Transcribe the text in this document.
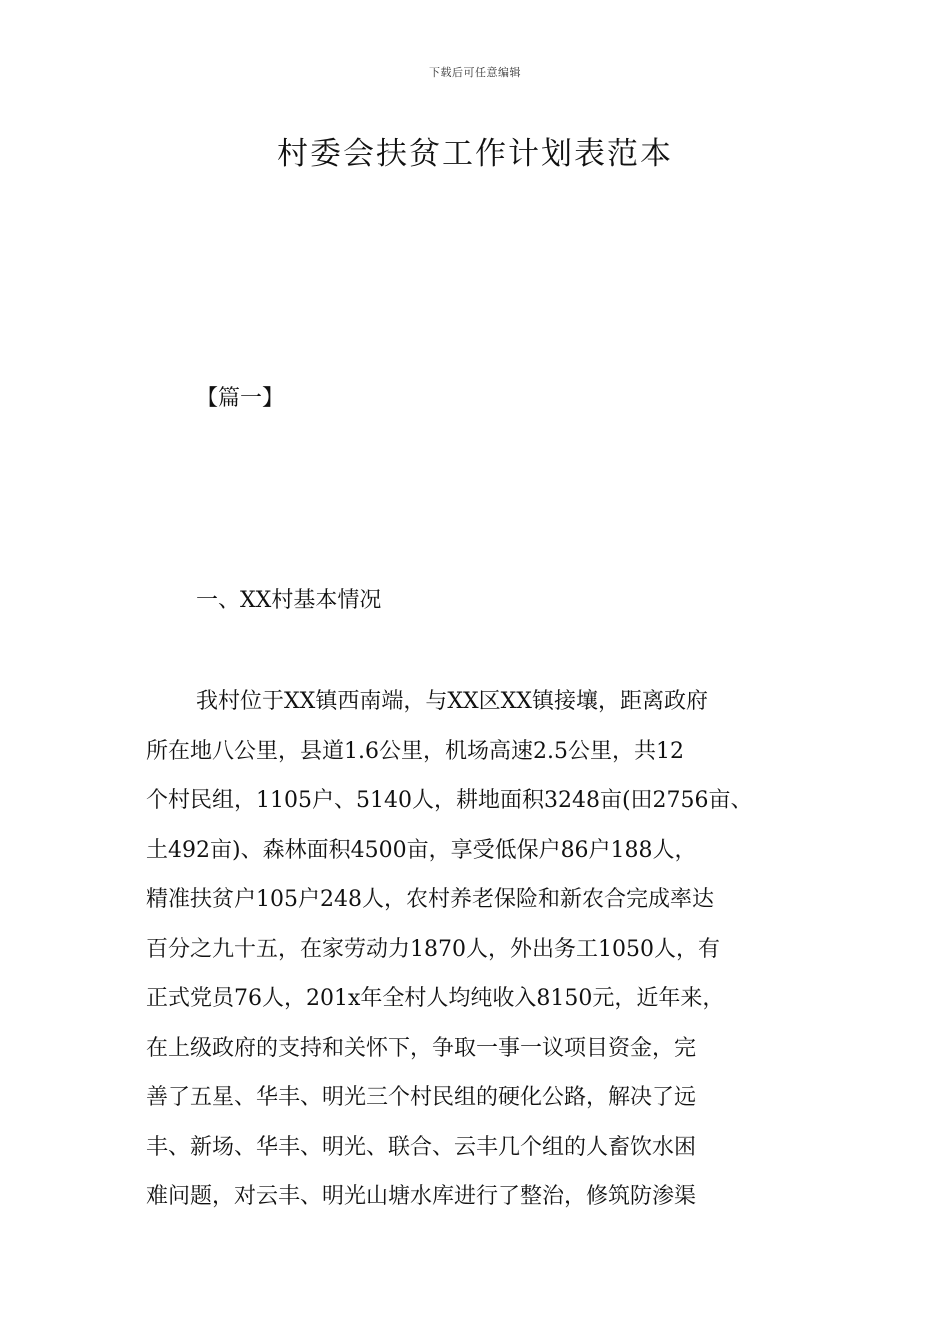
下载后可任意编辑
村委会扶贫工作计划表范本
【篇一】
一、XX村基本情况

我村位于XX镇西南端，与XX区XX镇接壤，距离政府
所在地八公里，县道1.6公里，机场高速2.5公里，共12
个村民组，1105户、5140人，耕地面积3248亩(田2756亩、
土492亩)、森林面积4500亩，享受低保户86户188人，
精准扶贫户105户248人，农村养老保险和新农合完成率达
百分之九十五，在家劳动力1870人，外出务工1050人，有
正式党员76人，201x年全村人均纯收入8150元，近年来，
在上级政府的支持和关怀下，争取一事一议项目资金，完
善了五星、华丰、明光三个村民组的硬化公路，解决了远
丰、新场、华丰、明光、联合、云丰几个组的人畜饮水困
难问题，对云丰、明光山塘水库进行了整治，修筑防渗渠
